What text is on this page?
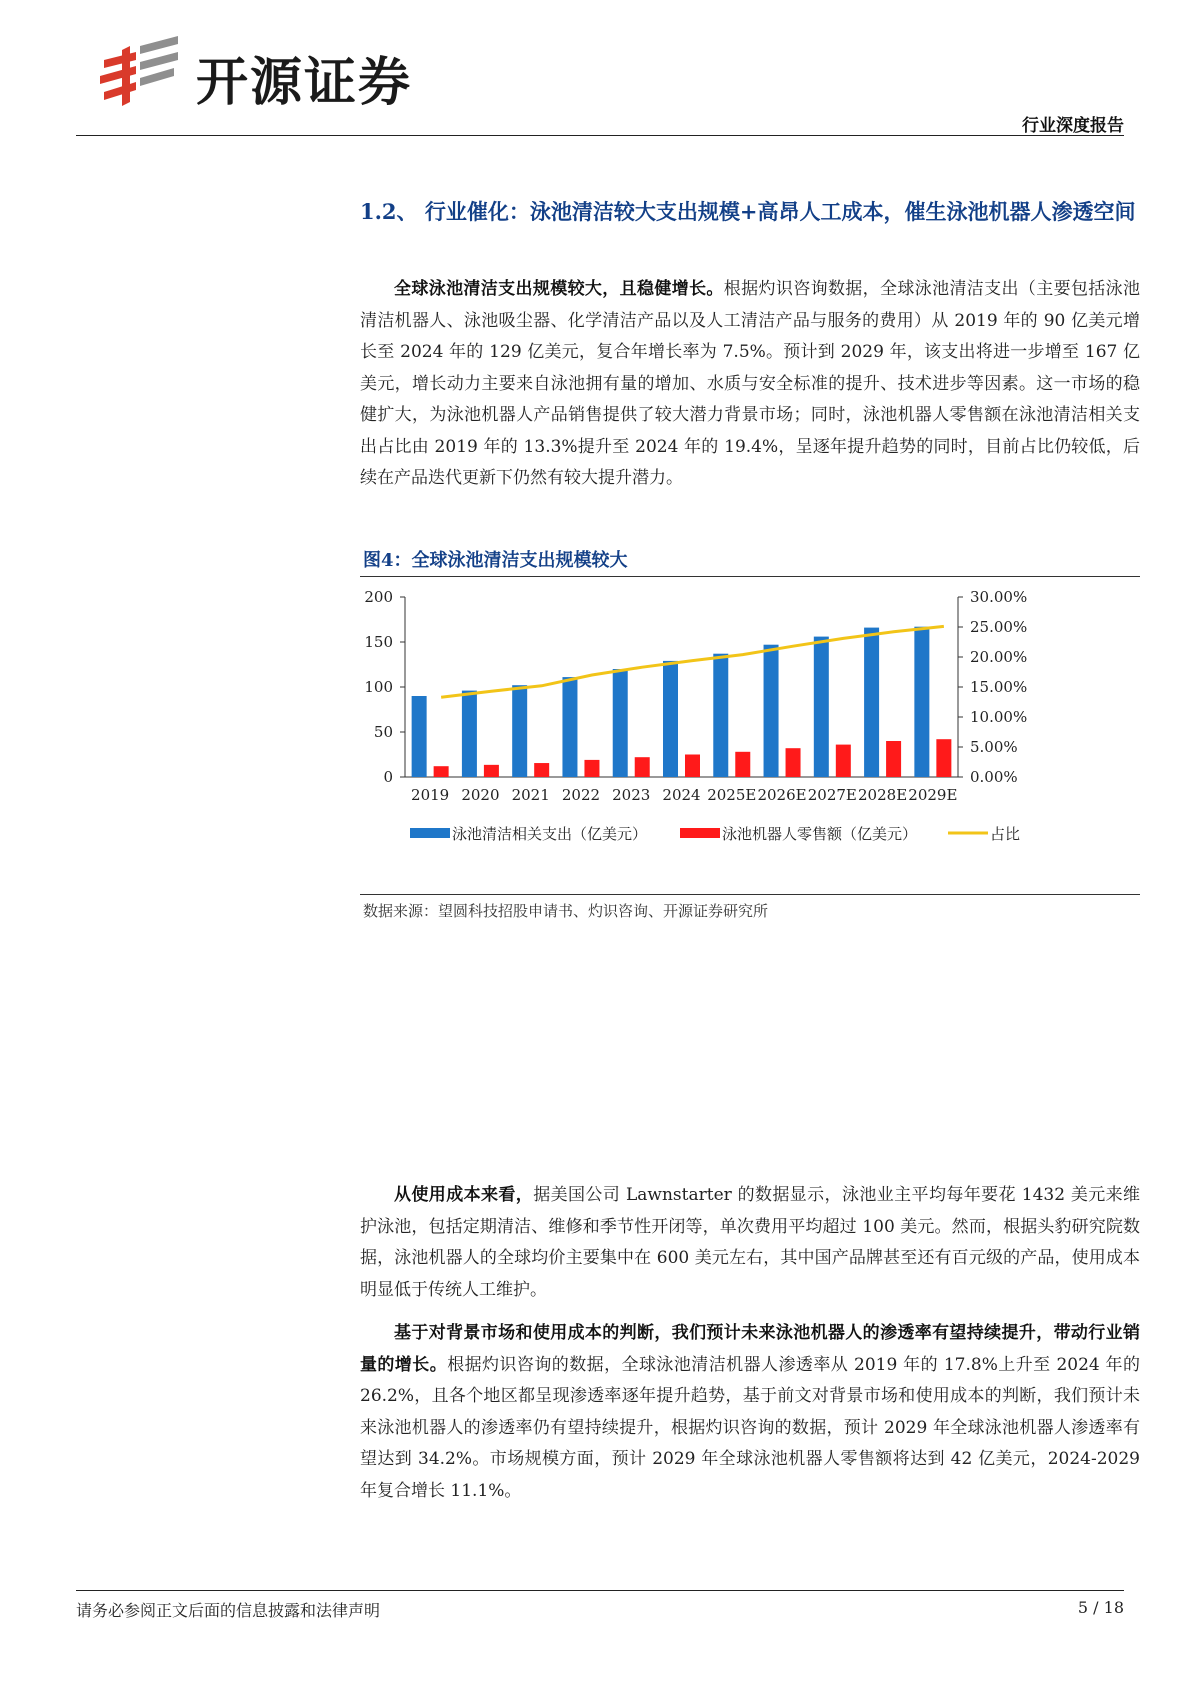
开源证券
行业深度报告
1.2、 行业催化：泳池清洁较大支出规模+高昂人工成本，催生泳池机器人渗透空间

全球泳池清洁支出规模较大，且稳健增长。根据灼识咨询数据，全球泳池清洁支出（主要包括泳池清洁机器人、泳池吸尘器、化学清洁产品以及人工清洁产品与服务的费用）从 2019 年的 90 亿美元增长至 2024 年的 129 亿美元，复合年增长率为 7.5%。预计到 2029 年，该支出将进一步增至 167 亿美元，增长动力主要来自泳池拥有量的增加、水质与安全标准的提升、技术进步等因素。这一市场的稳健扩大，为泳池机器人产品销售提供了较大潜力背景市场；同时，泳池机器人零售额在泳池清洁相关支出占比由 2019 年的 13.3%提升至 2024 年的 19.4%，呈逐年提升趋势的同时，目前占比仍较低，后续在产品迭代更新下仍然有较大提升潜力。

图4：全球泳池清洁支出规模较大
0
50
100
150
200
0.00%
5.00%
10.00%
15.00%
20.00%
25.00%
30.00%
2019 2020 2021 2022 2023 2024 2025E 2026E 2027E 2028E 2029E
泳池清洁相关支出（亿美元）	泳池机器人零售额（亿美元）	占比
数据来源：望圆科技招股申请书、灼识咨询、开源证券研究所

从使用成本来看，据美国公司 Lawnstarter 的数据显示，泳池业主平均每年要花 1432 美元来维护泳池，包括定期清洁、维修和季节性开闭等，单次费用平均超过 100 美元。然而，根据头豹研究院数据，泳池机器人的全球均价主要集中在 600 美元左右，其中国产品牌甚至还有百元级的产品，使用成本明显低于传统人工维护。

基于对背景市场和使用成本的判断，我们预计未来泳池机器人的渗透率有望持续提升，带动行业销量的增长。根据灼识咨询的数据，全球泳池清洁机器人渗透率从 2019 年的 17.8%上升至 2024 年的 26.2%，且各个地区都呈现渗透率逐年提升趋势，基于前文对背景市场和使用成本的判断，我们预计未来泳池机器人的渗透率仍有望持续提升，根据灼识咨询的数据，预计 2029 年全球泳池机器人渗透率有望达到 34.2%。市场规模方面，预计 2029 年全球泳池机器人零售额将达到 42 亿美元，2024-2029 年复合增长 11.1%。

请务必参阅正文后面的信息披露和法律声明	5 / 18
